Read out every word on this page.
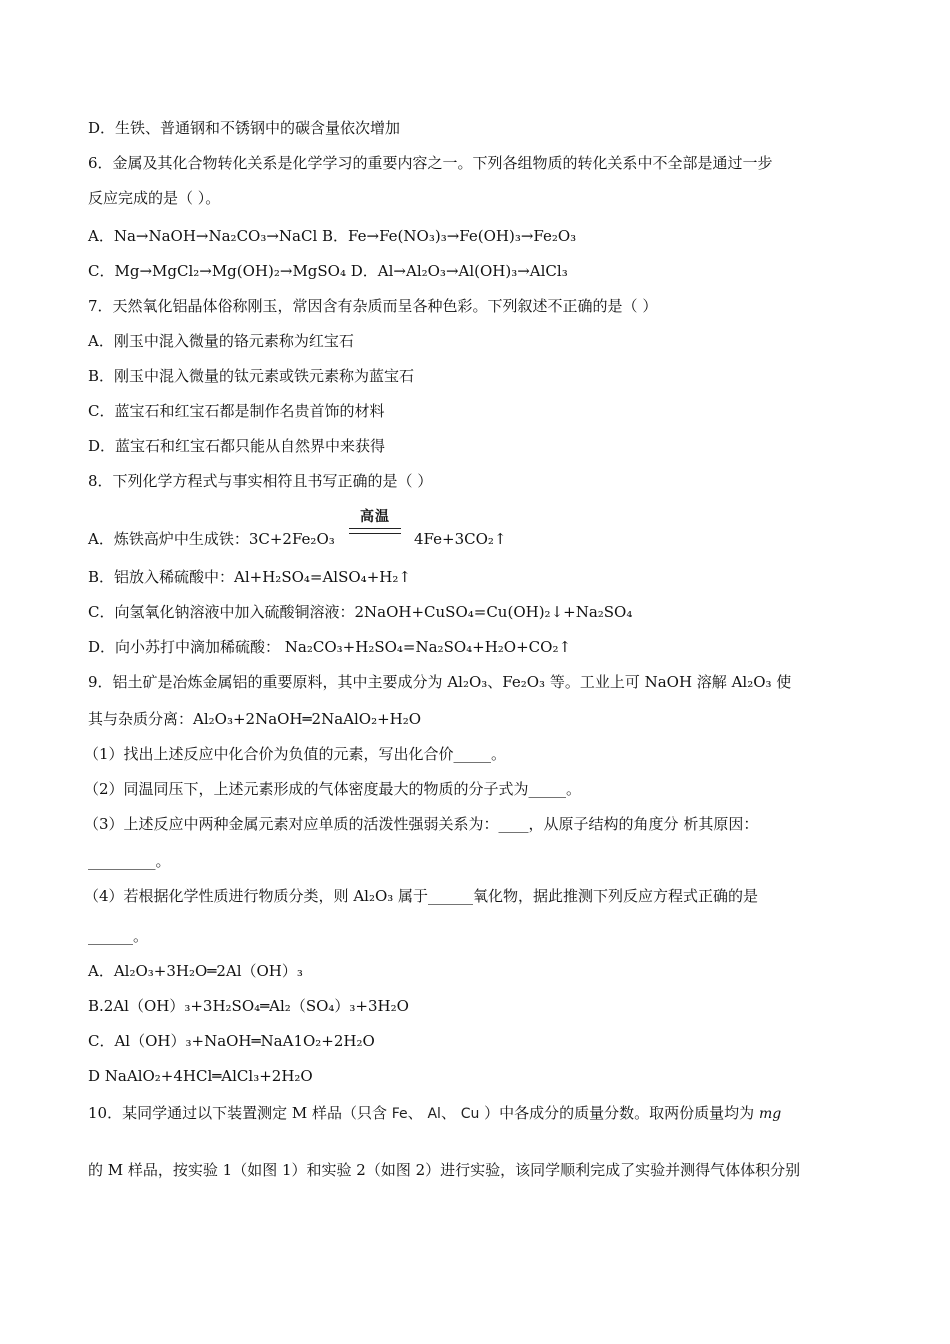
D．生铁、普通钢和不锈钢中的碳含量依次增加
6．金属及其化合物转化关系是化学学习的重要内容之一。下列各组物质的转化关系中不全部是通过一步
反应完成的是（ ）。
A．Na→NaOH→Na₂CO₃→NaCl B．Fe→Fe(NO₃)₃→Fe(OH)₃→Fe₂O₃
C．Mg→MgCl₂→Mg(OH)₂→MgSO₄ D．Al→Al₂O₃→Al(OH)₃→AlCl₃
7．天然氧化铝晶体俗称刚玉，常因含有杂质而呈各种色彩。下列叙述不正确的是（ ）
A．刚玉中混入微量的铬元素称为红宝石
B．刚玉中混入微量的钛元素或铁元素称为蓝宝石
C．蓝宝石和红宝石都是制作名贵首饰的材料
D．蓝宝石和红宝石都只能从自然界中来获得
8．下列化学方程式与事实相符且书写正确的是（ ）
A．炼铁高炉中生成铁：3C+2Fe₂O₃
高温
4Fe+3CO₂↑
B．铝放入稀硫酸中：Al+H₂SO₄=AlSO₄+H₂↑
C．向氢氧化钠溶液中加入硫酸铜溶液：2NaOH+CuSO₄=Cu(OH)₂↓+Na₂SO₄
D．向小苏打中滴加稀硫酸： Na₂CO₃+H₂SO₄=Na₂SO₄+H₂O+CO₂↑
9．铝土矿是冶炼金属铝的重要原料，其中主要成分为 Al₂O₃、Fe₂O₃ 等。工业上可 NaOH 溶解 Al₂O₃ 使
其与杂质分离：Al₂O₃+2NaOH═2NaAlO₂+H₂O
（1）找出上述反应中化合价为负值的元素，写出化合价_____。
（2）同温同压下，上述元素形成的气体密度最大的物质的分子式为_____。
（3）上述反应中两种金属元素对应单质的活泼性强弱关系为：____，从原子结构的角度分 析其原因：
_________。
（4）若根据化学性质进行物质分类，则 Al₂O₃ 属于______氧化物，据此推测下列反应方程式正确的是
______。
A．Al₂O₃+3H₂O═2Al（OH）₃
B.2Al（OH）₃+3H₂SO₄═Al₂（SO₄）₃+3H₂O
C．Al（OH）₃+NaOH═NaA1O₂+2H₂O
D NaAlO₂+4HCl═AlCl₃+2H₂O
10．某同学通过以下装置测定 M 样品（只含 Fe、 Al、 Cu ）中各成分的质量分数。取两份质量均为 mg
的 M 样品，按实验 1（如图 1）和实验 2（如图 2）进行实验，该同学顺利完成了实验并测得气体体积分别
